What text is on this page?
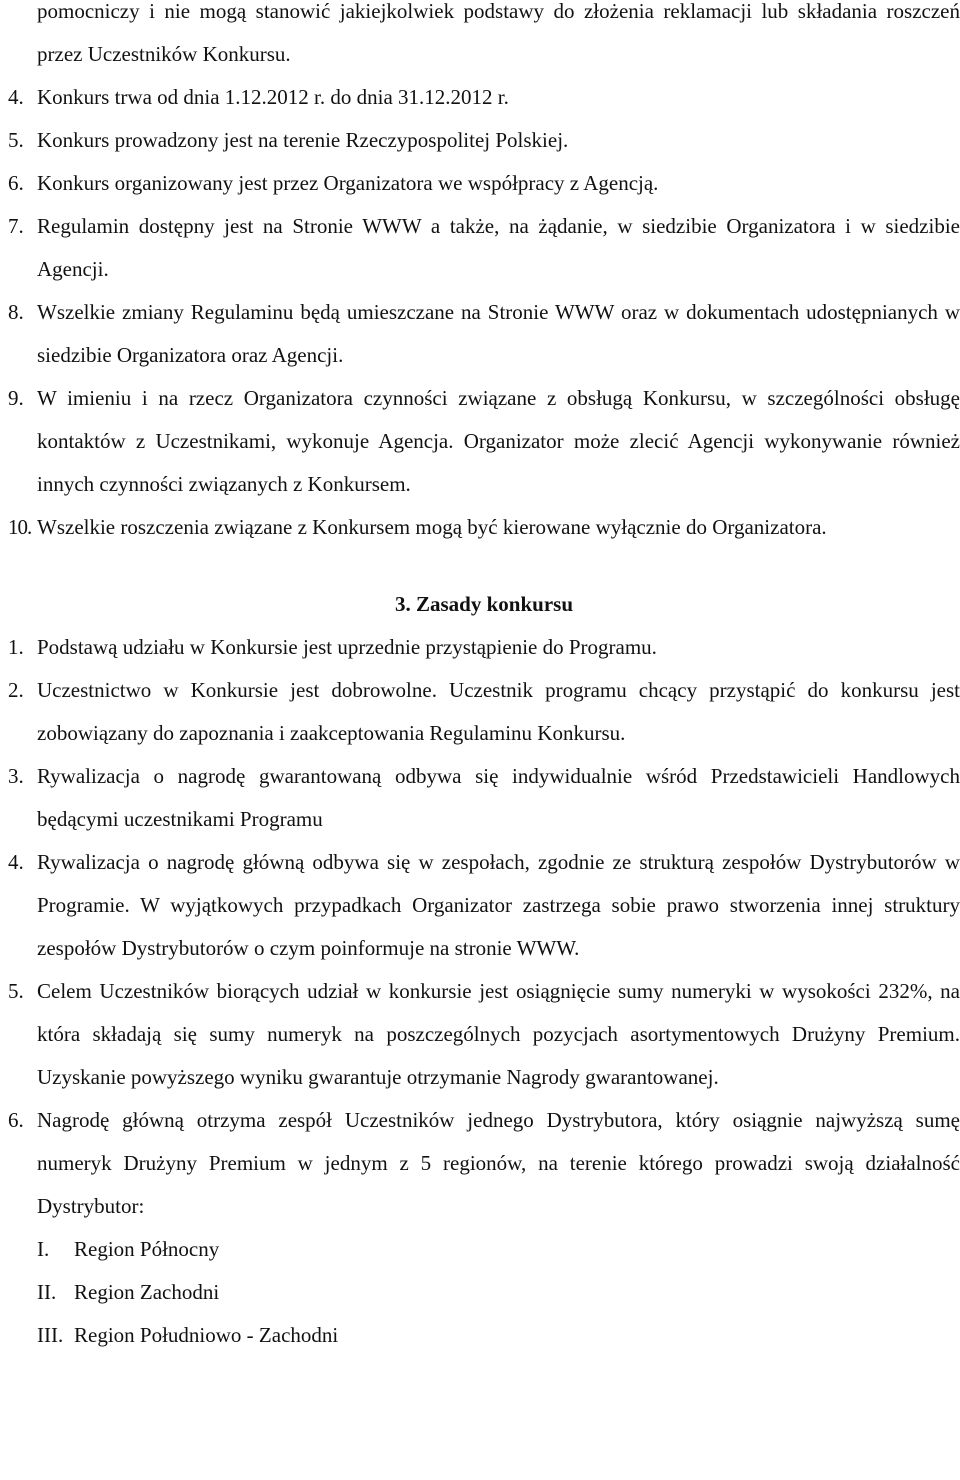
pomocniczy i nie mogą stanowić jakiejkolwiek podstawy do złożenia reklamacji lub składania roszczeń przez Uczestników Konkursu.
4. Konkurs trwa od dnia 1.12.2012 r. do dnia 31.12.2012 r.
5. Konkurs prowadzony jest na terenie Rzeczypospolitej Polskiej.
6. Konkurs organizowany jest przez Organizatora we współpracy z Agencją.
7. Regulamin dostępny jest na Stronie WWW a także, na żądanie, w siedzibie Organizatora i w siedzibie Agencji.
8. Wszelkie zmiany Regulaminu będą umieszczane na Stronie WWW oraz w dokumentach udostępnianych w siedzibie Organizatora oraz Agencji.
9. W imieniu i na rzecz Organizatora czynności związane z obsługą Konkursu, w szczególności obsługę kontaktów z Uczestnikami, wykonuje Agencja. Organizator może zlecić Agencji wykonywanie również innych czynności związanych z Konkursem.
10. Wszelkie roszczenia związane z Konkursem mogą być kierowane wyłącznie do Organizatora.
3. Zasady konkursu
1. Podstawą udziału w Konkursie jest uprzednie przystąpienie do Programu.
2. Uczestnictwo w Konkursie jest dobrowolne. Uczestnik programu chcący przystąpić do konkursu jest zobowiązany do zapoznania i zaakceptowania Regulaminu Konkursu.
3. Rywalizacja o nagrodę gwarantowaną odbywa się indywidualnie wśród Przedstawicieli Handlowych będącymi uczestnikami Programu
4. Rywalizacja o nagrodę główną odbywa się w zespołach, zgodnie ze strukturą zespołów Dystrybutorów w Programie. W wyjątkowych przypadkach Organizator zastrzega sobie prawo stworzenia innej struktury zespołów Dystrybutorów o czym poinformuje na stronie WWW.
5. Celem Uczestników biorących udział w konkursie jest osiągnięcie sumy numeryki w wysokości 232%, na która składają się sumy numeryk na poszczególnych pozycjach asortymentowych Drużyny Premium. Uzyskanie powyższego wyniku gwarantuje otrzymanie Nagrody gwarantowanej.
6. Nagrodę główną otrzyma zespół Uczestników jednego Dystrybutora, który osiągnie najwyższą sumę numeryk Drużyny Premium w jednym z 5 regionów, na terenie którego prowadzi swoją działalność Dystrybutor:
I.	Region Północny
II. Region Zachodni
III. Region Południowo - Zachodni
